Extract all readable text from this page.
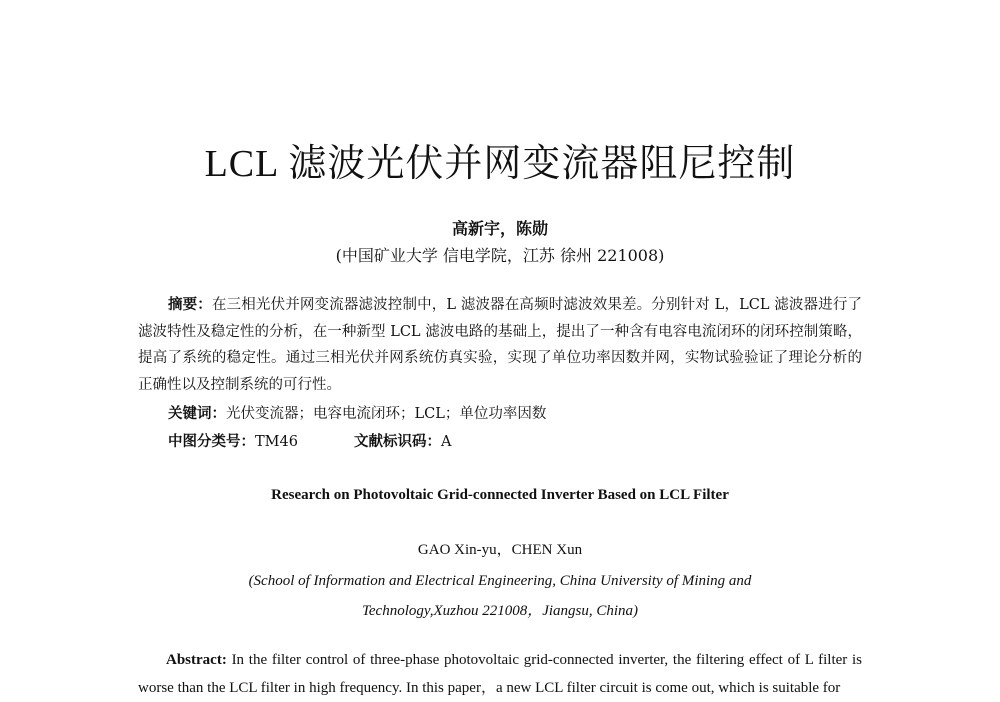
LCL 滤波光伏并网变流器阻尼控制
高新宇，陈勋
(中国矿业大学 信电学院，江苏 徐州 221008)
摘要：在三相光伏并网变流器滤波控制中，L 滤波器在高频时滤波效果差。分别针对 L，LCL 滤波器进行了滤波特性及稳定性的分析，在一种新型 LCL 滤波电路的基础上，提出了一种含有电容电流闭环的闭环控制策略，提高了系统的稳定性。通过三相光伏并网系统仿真实验，实现了单位功率因数并网，实物试验验证了理论分析的正确性以及控制系统的可行性。
关键词：光伏变流器；电容电流闭环；LCL；单位功率因数
中图分类号：TM46	文献标识码：A
Research on Photovoltaic Grid-connected Inverter Based on LCL Filter
GAO Xin-yu，CHEN Xun
(School of Information and Electrical Engineering, China University of Mining and
Technology,Xuzhou 221008，Jiangsu, China)
Abstract: In the filter control of three-phase photovoltaic grid-connected inverter, the filtering effect of L filter is worse than the LCL filter in high frequency. In this paper，a new LCL filter circuit is come out, which is suitable for
